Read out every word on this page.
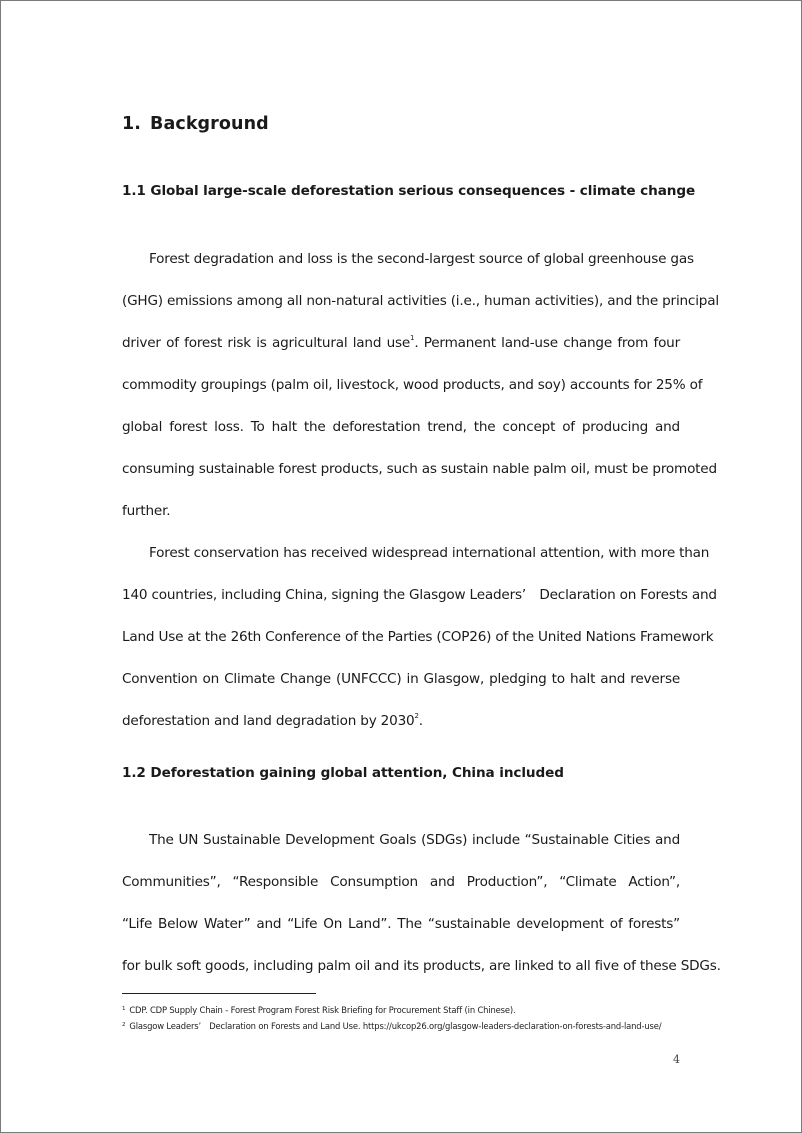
1. Background
1.1 Global large-scale deforestation serious consequences - climate change
Forest degradation and loss is the second-largest source of global greenhouse gas
(GHG) emissions among all non-natural activities (i.e., human activities), and the principal
driver of forest risk is agricultural land use$^1$. Permanent land-use change from four
commodity groupings (palm oil, livestock, wood products, and soy) accounts for 25% of
global forest loss. To halt the deforestation trend, the concept of producing and
consuming sustainable forest products, such as sustain nable palm oil, must be promoted
further.
Forest conservation has received widespread international attention, with more than
140 countries, including China, signing the Glasgow Leaders’ Declaration on Forests and
Land Use at the 26th Conference of the Parties (COP26) of the United Nations Framework
Convention on Climate Change (UNFCCC) in Glasgow, pledging to halt and reverse
deforestation and land degradation by 2030$^2$.
1.2 Deforestation gaining global attention, China included
The UN Sustainable Development Goals (SDGs) include “Sustainable Cities and
Communities”, “Responsible Consumption and Production”, “Climate Action”,
“Life Below Water” and “Life On Land”. The “sustainable development of forests”
for bulk soft goods, including palm oil and its products, are linked to all five of these SDGs.
$^1$ CDP. CDP Supply Chain - Forest Program Forest Risk Briefing for Procurement Staff (in Chinese).
$^2$ Glasgow Leaders’ Declaration on Forests and Land Use. https://ukcop26.org/glasgow-leaders-declaration-on-forests-and-land-use/
4
